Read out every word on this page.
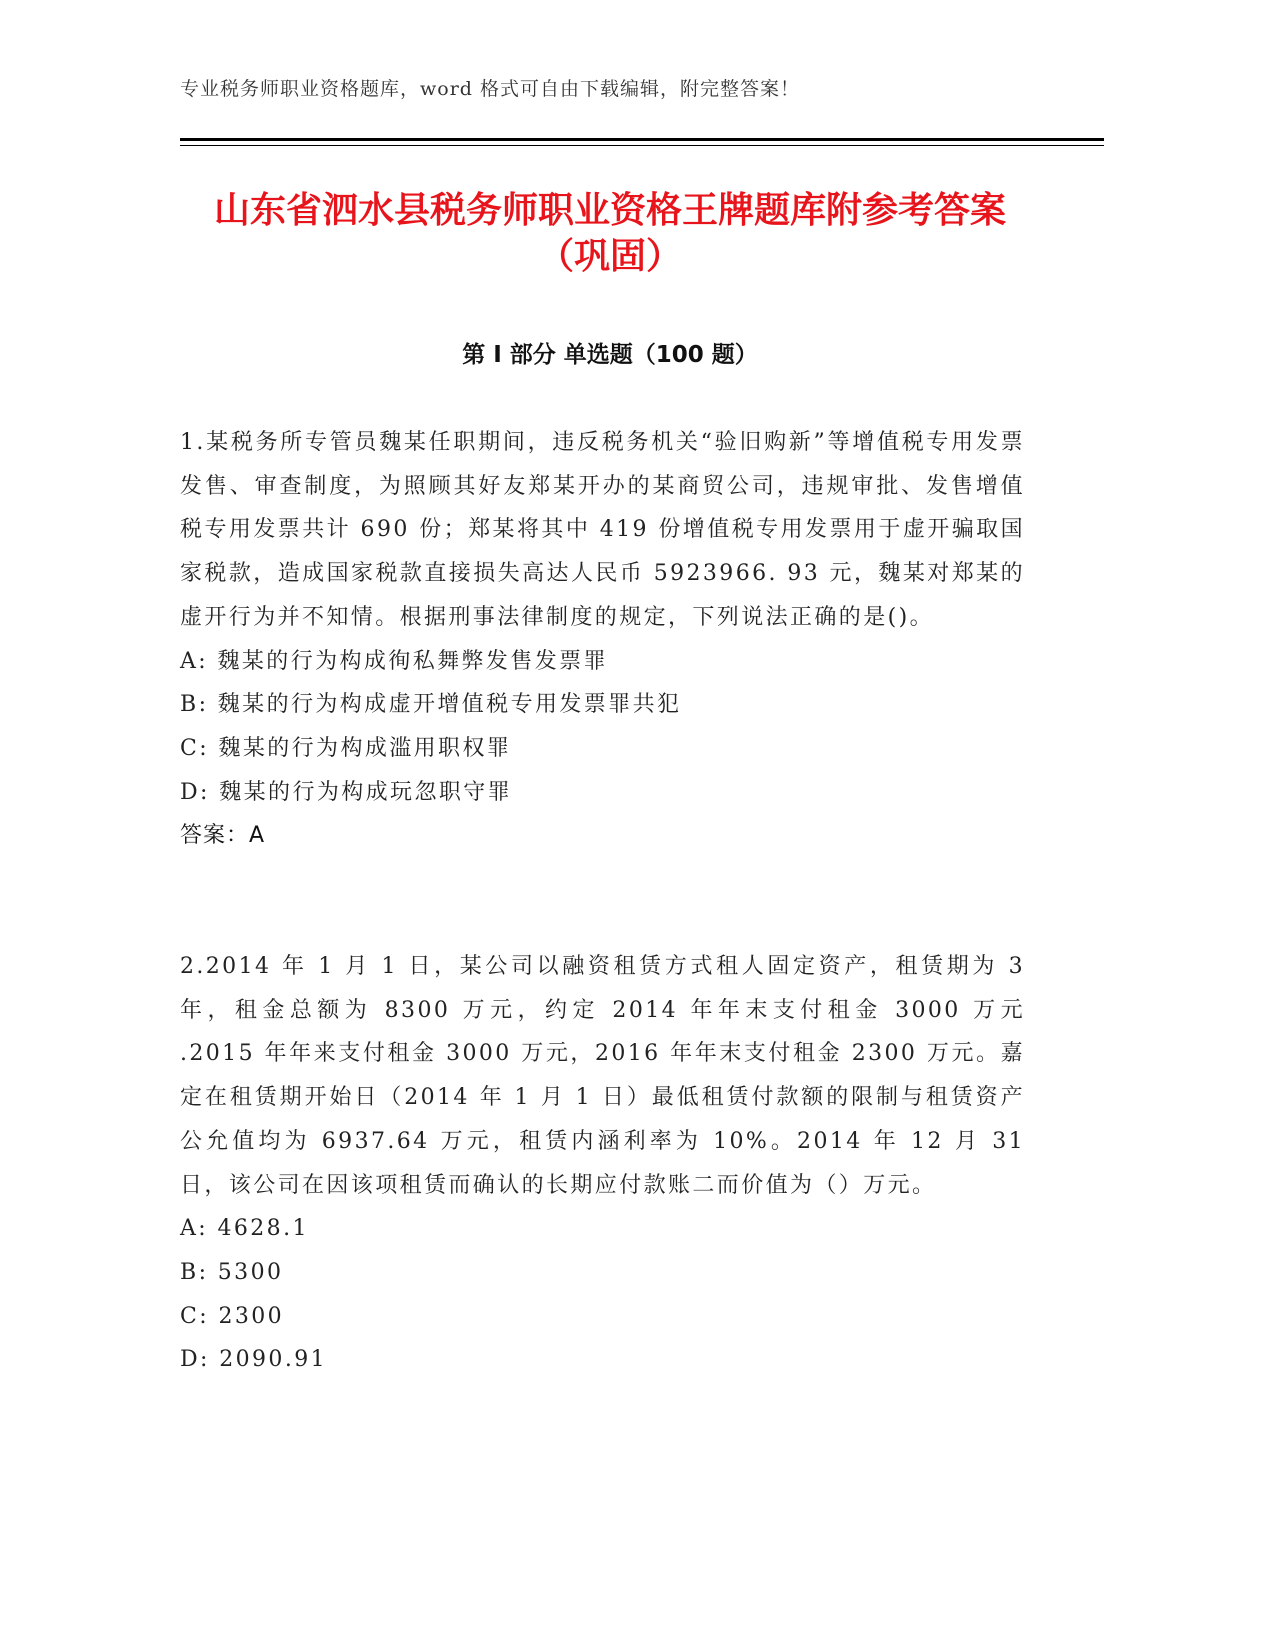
专业税务师职业资格题库，word 格式可自由下载编辑，附完整答案！
山东省泗水县税务师职业资格王牌题库附参考答案（巩固）
第 I 部分 单选题（100 题）
1.某税务所专管员魏某任职期间，违反税务机关“验旧购新”等增值税专用发票发售、审查制度，为照顾其好友郑某开办的某商贸公司，违规审批、发售增值税专用发票共计 690 份；郑某将其中 419 份增值税专用发票用于虚开骗取国家税款，造成国家税款直接损失高达人民币 5923966. 93 元，魏某对郑某的虚开行为并不知情。根据刑事法律制度的规定，下列说法正确的是()。
A: 魏某的行为构成徇私舞弊发售发票罪
B: 魏某的行为构成虚开增值税专用发票罪共犯
C: 魏某的行为构成滥用职权罪
D: 魏某的行为构成玩忽职守罪
答案：A
2.2014 年 1 月 1 日，某公司以融资租赁方式租人固定资产，租赁期为 3 年，租金总额为 8300 万元，约定 2014 年年末支付租金 3000 万元 .2015 年年来支付租金 3000 万元，2016 年年末支付租金 2300 万元。嘉定在租赁期开始日（2014 年 1 月 1 日）最低租赁付款额的限制与租赁资产公允值均为 6937.64 万元，租赁内涵利率为 10%。2014 年 12 月 31 日，该公司在因该项租赁而确认的长期应付款账二而价值为（）万元。
A: 4628.1
B: 5300
C: 2300
D: 2090.91
